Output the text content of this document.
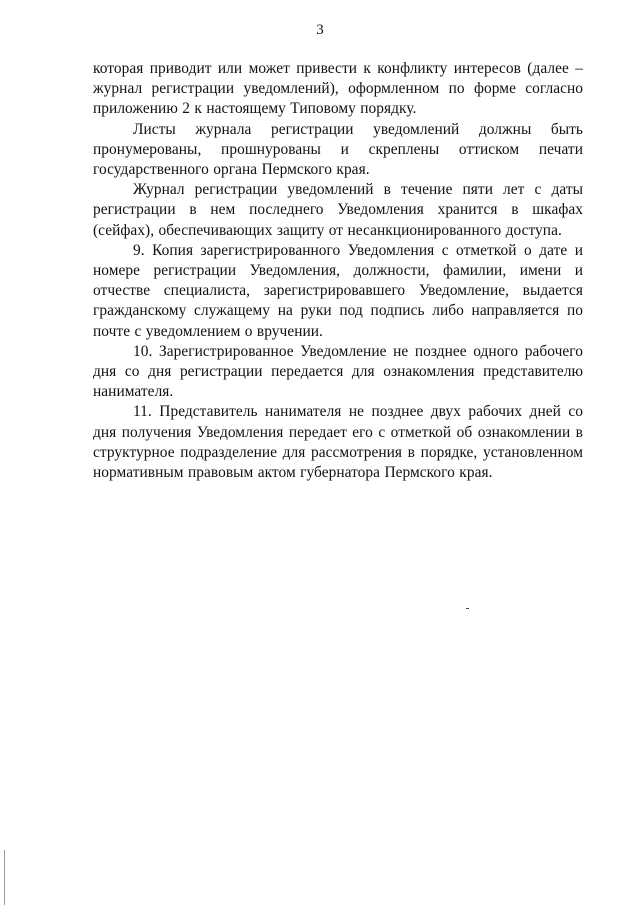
3

которая приводит или может привести к конфликту интересов (далее – журнал регистрации уведомлений), оформленном по форме согласно приложению 2 к настоящему Типовому порядку.

Листы журнала регистрации уведомлений должны быть пронумерованы, прошнурованы и скреплены оттиском печати государственного органа Пермского края.

Журнал регистрации уведомлений в течение пяти лет с даты регистрации в нем последнего Уведомления хранится в шкафах (сейфах), обеспечивающих защиту от несанкционированного доступа.

9. Копия зарегистрированного Уведомления с отметкой о дате и номере регистрации Уведомления, должности, фамилии, имени и отчестве специалиста, зарегистрировавшего Уведомление, выдается гражданскому служащему на руки под подпись либо направляется по почте с уведомлением о вручении.

10. Зарегистрированное Уведомление не позднее одного рабочего дня со дня регистрации передается для ознакомления представителю нанимателя.

11. Представитель нанимателя не позднее двух рабочих дней со дня получения Уведомления передает его с отметкой об ознакомлении в структурное подразделение для рассмотрения в порядке, установленном нормативным правовым актом губернатора Пермского края.
